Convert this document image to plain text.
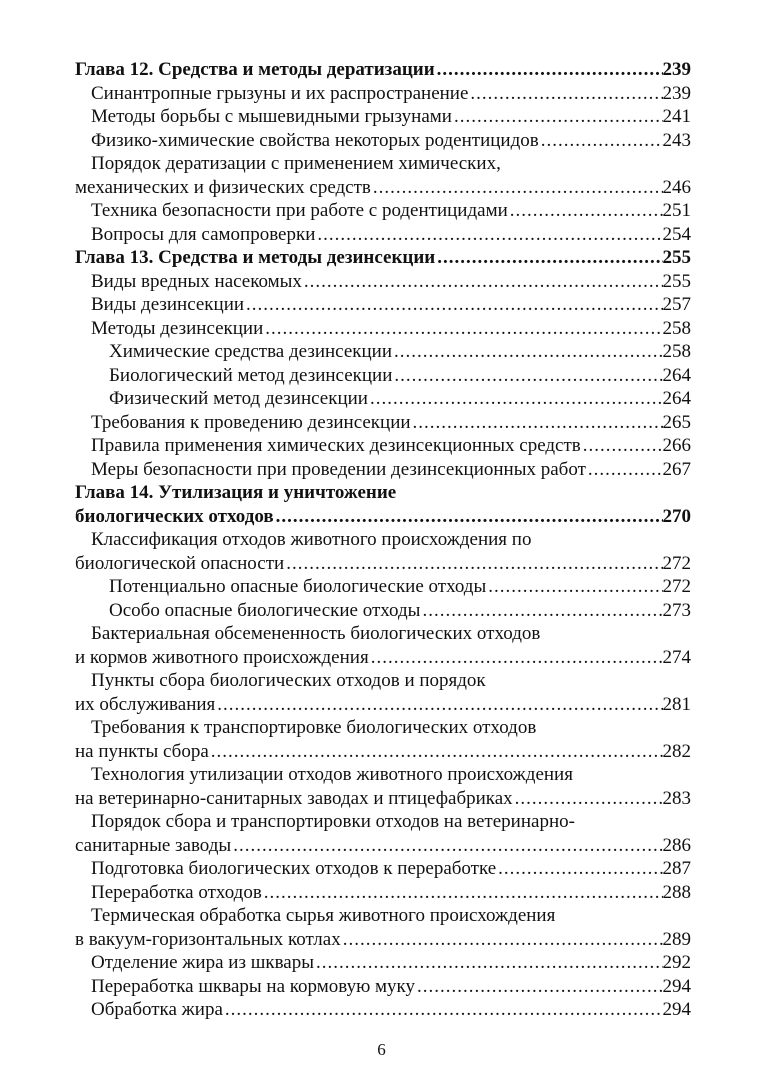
Глава 12. Средства и методы дератизации .....	239
Синантропные грызуны и их распространение .....	239
Методы борьбы с мышевидными грызунами .....	241
Физико-химические свойства некоторых родентицидов .....	243
Порядок дератизации с применением химических,
механических и физических средств .....	246
Техника безопасности при работе с родентицидами .....	251
Вопросы для самопроверки .....	254
Глава 13. Средства и методы дезинсекции .....	255
Виды вредных насекомых .....	255
Виды дезинсекции .....	257
Методы дезинсекции .....	258
Химические средства дезинсекции .....	258
Биологический метод дезинсекции .....	264
Физический метод дезинсекции .....	264
Требования к проведению дезинсекции .....	265
Правила применения химических дезинсекционных средств .....	266
Меры безопасности при проведении дезинсекционных работ .....	267
Глава 14. Утилизация и уничтожение
биологических отходов .....	270
Классификация отходов животного происхождения по
биологической опасности .....	272
Потенциально опасные биологические отходы .....	272
Особо опасные биологические отходы .....	273
Бактериальная обсемененность биологических отходов
и кормов животного происхождения .....	274
Пункты сбора биологических отходов и порядок
их обслуживания .....	281
Требования к транспортировке биологических отходов
на пункты сбора .....	282
Технология утилизации отходов животного происхождения
на ветеринарно-санитарных заводах и птицефабриках .....	283
Порядок сбора и транспортировки отходов на ветеринарно-
санитарные заводы .....	286
Подготовка биологических отходов к переработке .....	287
Переработка отходов .....	288
Термическая обработка сырья животного происхождения
в вакуум-горизонтальных котлах .....	289
Отделение жира из шквары .....	292
Переработка шквары на кормовую муку .....	294
Обработка жира .....	294
6
